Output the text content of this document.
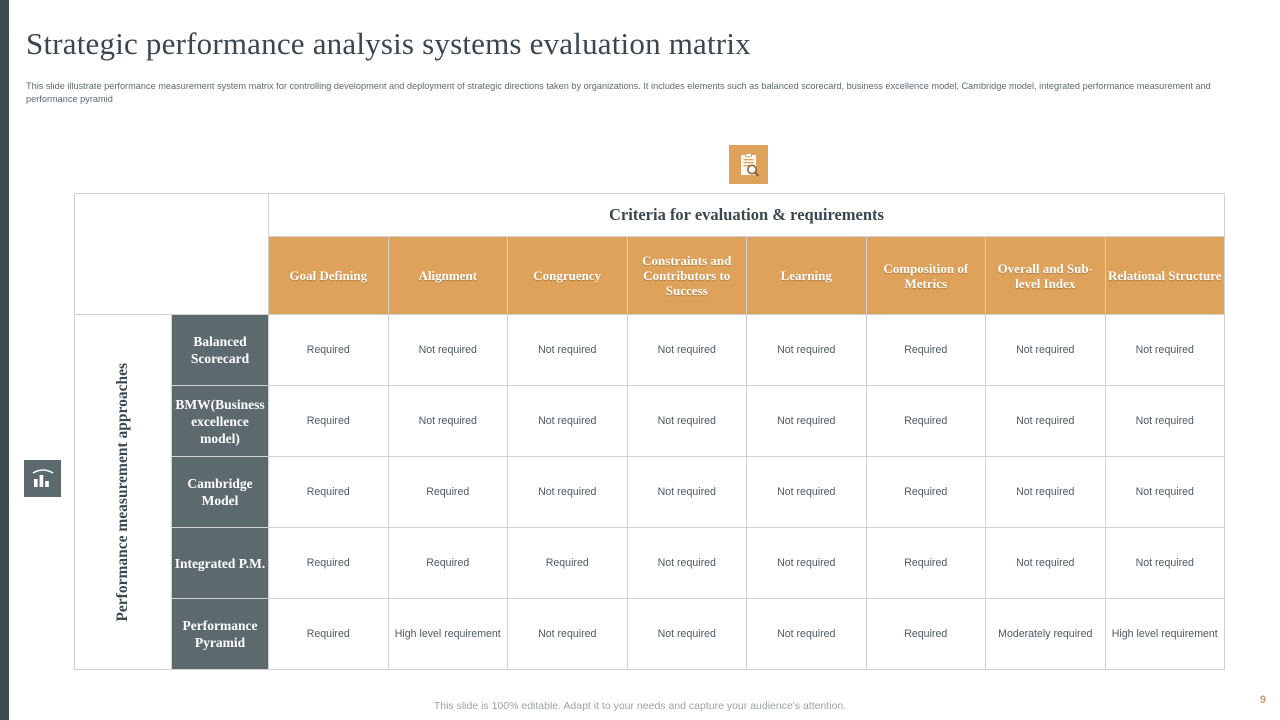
Strategic performance analysis systems evaluation matrix
This slide illustrate performance measurement system matrix for controlling development and deployment of strategic directions taken by organizations. It includes elements such as balanced scorecard, business excellence model, Cambridge model, integrated performance measurement and performance pyramid
		Criteria for evaluation & requirements							
		Goal Defining	Alignment	Congruency	Constraints and Contributors to Success	Learning	Composition of Metrics	Overall and Sub-level Index	Relational Structure

Performance measurement approaches	Balanced Scorecard	Required	Not required	Not required	Not required	Not required	Required	Not required	Not required
	BMW(Business excellence model)	Required	Not required	Not required	Not required	Not required	Required	Not required	Not required
	Cambridge Model	Required	Required	Not required	Not required	Not required	Required	Not required	Not required
	Integrated P.M.	Required	Required	Required	Not required	Not required	Required	Not required	Not required
	Performance Pyramid	Required	High level requirement	Not required	Not required	Not required	Required	Moderately required	High level requirement
This slide is 100% editable. Adapt it to your needs and capture your audience's attention.	9
